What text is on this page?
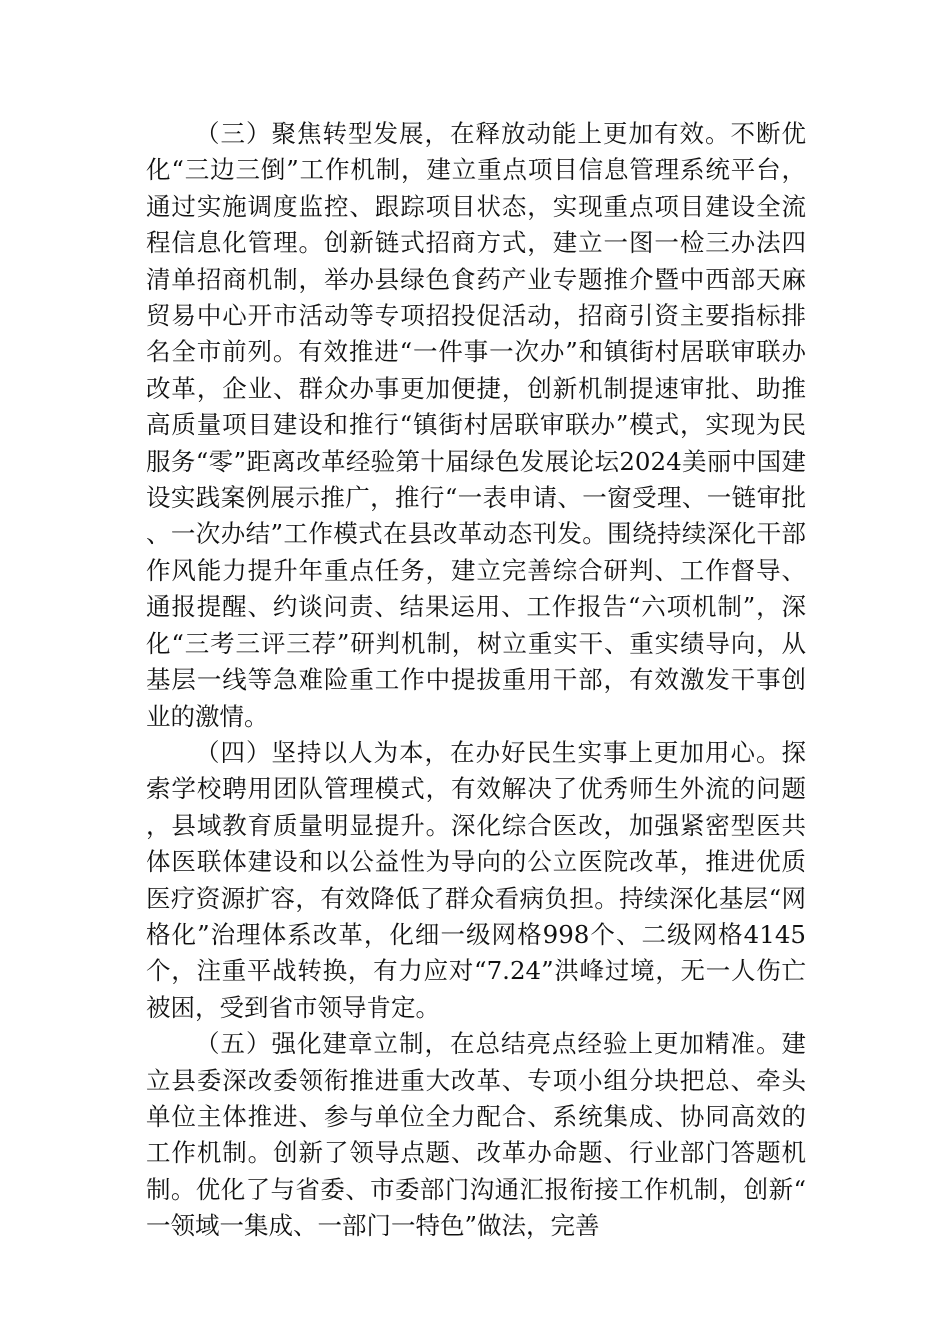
（三）聚焦转型发展，在释放动能上更加有效。不断优化“三边三倒”工作机制，建立重点项目信息管理系统平台，通过实施调度监控、跟踪项目状态，实现重点项目建设全流程信息化管理。创新链式招商方式，建立一图一检三办法四清单招商机制，举办县绿色食药产业专题推介暨中西部天麻贸易中心开市活动等专项招投促活动，招商引资主要指标排名全市前列。有效推进“一件事一次办”和镇街村居联审联办改革，企业、群众办事更加便捷，创新机制提速审批、助推高质量项目建设和推行“镇街村居联审联办”模式，实现为民服务“零”距离改革经验第十届绿色发展论坛2024美丽中国建设实践案例展示推广，推行“一表申请、一窗受理、一链审批、一次办结”工作模式在县改革动态刊发。围绕持续深化干部作风能力提升年重点任务，建立完善综合研判、工作督导、通报提醒、约谈问责、结果运用、工作报告“六项机制”，深化“三考三评三荐”研判机制，树立重实干、重实绩导向，从基层一线等急难险重工作中提拔重用干部，有效激发干事创业的激情。

（四）坚持以人为本，在办好民生实事上更加用心。探索学校聘用团队管理模式，有效解决了优秀师生外流的问题，县域教育质量明显提升。深化综合医改，加强紧密型医共体医联体建设和以公益性为导向的公立医院改革，推进优质医疗资源扩容，有效降低了群众看病负担。持续深化基层“网格化”治理体系改革，化细一级网格998个、二级网格4145个，注重平战转换，有力应对“7.24”洪峰过境，无一人伤亡被困，受到省市领导肯定。

（五）强化建章立制，在总结亮点经验上更加精准。建立县委深改委领衔推进重大改革、专项小组分块把总、牵头单位主体推进、参与单位全力配合、系统集成、协同高效的工作机制。创新了领导点题、改革办命题、行业部门答题机制。优化了与省委、市委部门沟通汇报衔接工作机制，创新“一领域一集成、一部门一特色”做法，完善
